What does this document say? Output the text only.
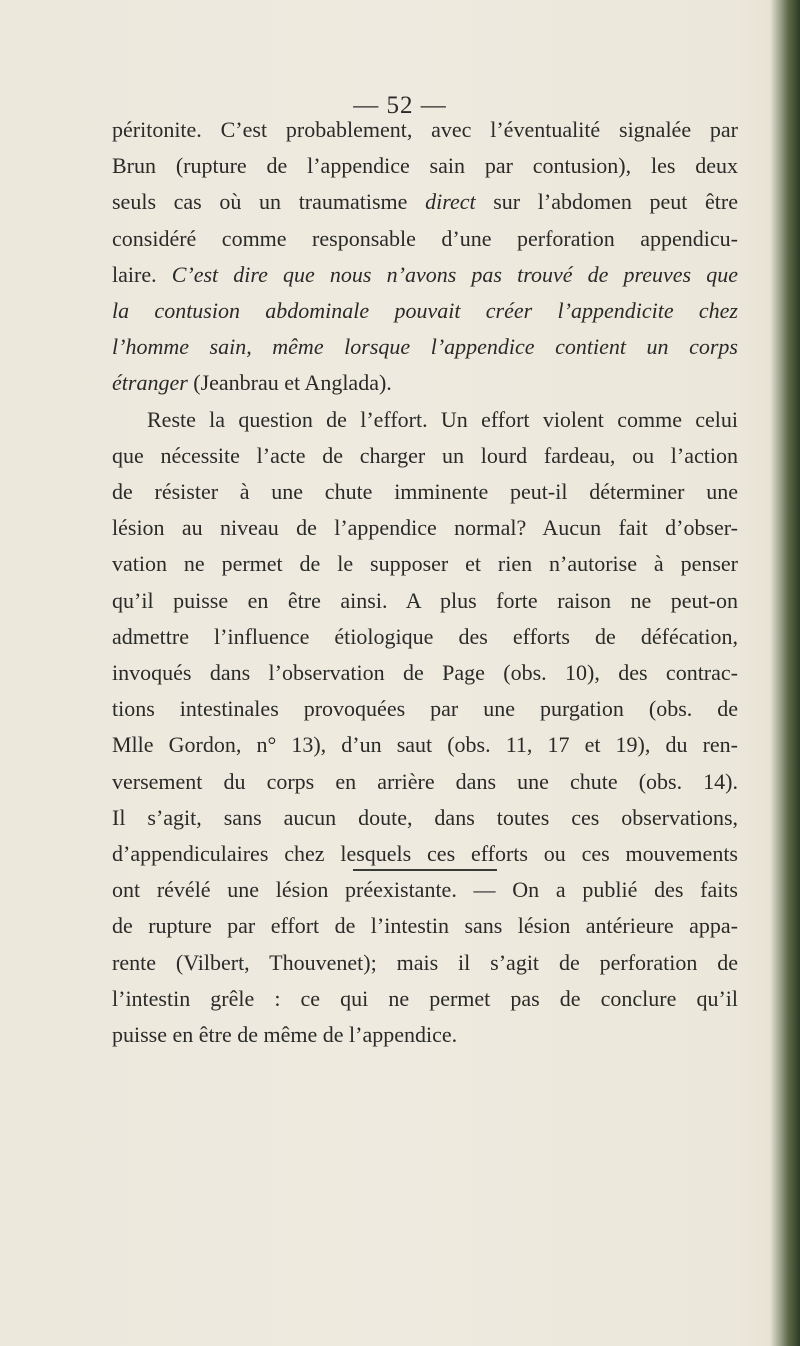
— 52 —
péritonite. C’est probablement, avec l’éventualité signalée par
Brun (rupture de l’appendice sain par contusion), les deux
seuls cas où un traumatisme direct sur l’abdomen peut être
considéré comme responsable d’une perforation appendicu-
laire. C’est dire que nous n’avons pas trouvé de preuves que
la contusion abdominale pouvait créer l’appendicite chez
l’homme sain, même lorsque l’appendice contient un corps
étranger (Jeanbrau et Anglada).
Reste la question de l’effort. Un effort violent comme celui
que nécessite l’acte de charger un lourd fardeau, ou l’action
de résister à une chute imminente peut-il déterminer une
lésion au niveau de l’appendice normal? Aucun fait d’obser-
vation ne permet de le supposer et rien n’autorise à penser
qu’il puisse en être ainsi. A plus forte raison ne peut-on
admettre l’influence étiologique des efforts de défécation,
invoqués dans l’observation de Page (obs. 10), des contrac-
tions intestinales provoquées par une purgation (obs. de
Mlle Gordon, n° 13), d’un saut (obs. 11, 17 et 19), du ren-
versement du corps en arrière dans une chute (obs. 14).
Il s’agit, sans aucun doute, dans toutes ces observations,
d’appendiculaires chez lesquels ces efforts ou ces mouvements
ont révélé une lésion préexistante. — On a publié des faits
de rupture par effort de l’intestin sans lésion antérieure appa-
rente (Vilbert, Thouvenet); mais il s’agit de perforation de
l’intestin grêle : ce qui ne permet pas de conclure qu’il
puisse en être de même de l’appendice.
